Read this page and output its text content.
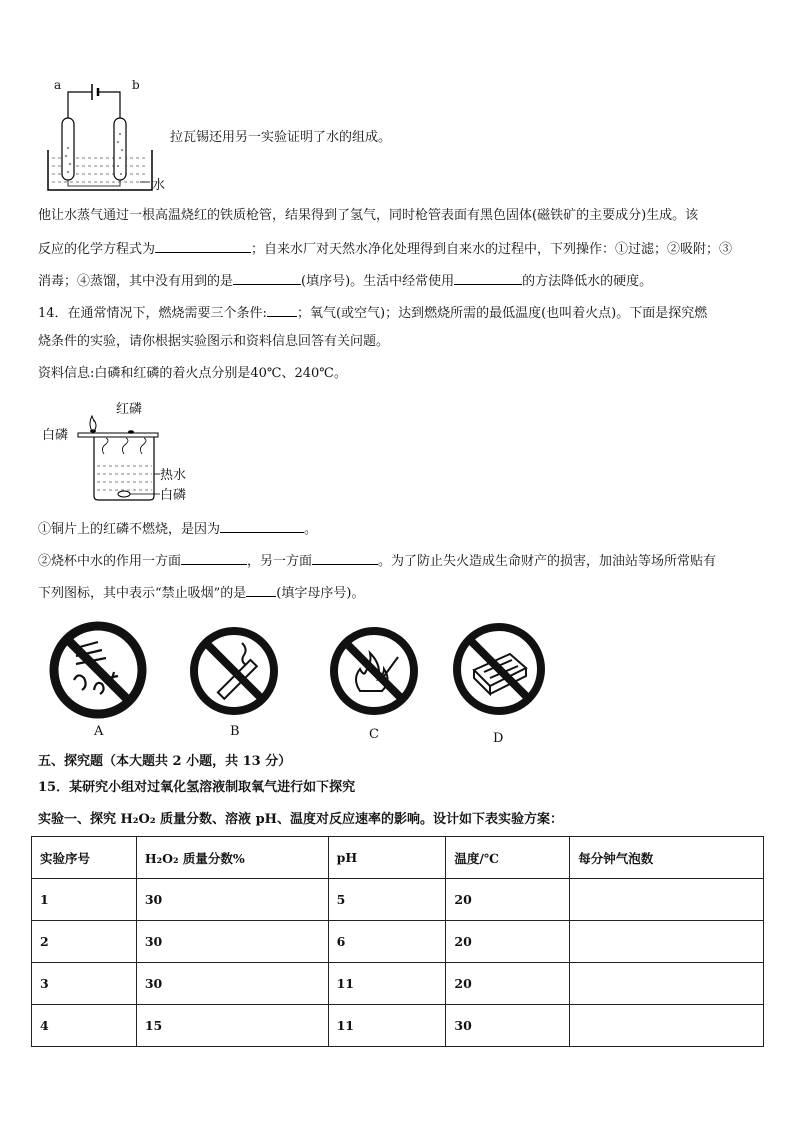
a	b
水
拉瓦锡还用另一实验证明了水的组成。
他让水蒸气通过一根高温烧红的铁质枪管，结果得到了氢气，同时枪管表面有黑色固体(磁铁矿的主要成分)生成。该
反应的化学方程式为	；自来水厂对天然水净化处理得到自来水的过程中，下列操作：①过滤；②吸附；③
消毒；④蒸馏，其中没有用到的是	(填序号)。生活中经常使用	的方法降低水的硬度。
14．在通常情况下，燃烧需要三个条件: ；氧气(或空气)；达到燃烧所需的最低温度(也叫着火点)。下面是探究燃
烧条件的实验，请你根据实验图示和资料信息回答有关问题。
资料信息:白磷和红磷的着火点分别是40℃、240℃。
红磷
白磷
热水
白磷
①铜片上的红磷不燃烧，是因为	。
②烧杯中水的作用一方面	，另一方面	。为了防止失火造成生命财产的损害，加油站等场所常贴有
下列图标，其中表示“禁止吸烟”的是 (填字母序号)。
A	B	C	D
五、探究题（本大题共 2 小题，共 13 分）
15．某研究小组对过氧化氢溶液制取氧气进行如下探究
实验一、探究 H₂O₂ 质量分数、溶液 pH、温度对反应速率的影响。设计如下表实验方案：
实验序号	H₂O₂ 质量分数%	pH	温度/℃	每分钟气泡数
1	30	5	20	
2	30	6	20	
3	30	11	20	
4	15	11	30	
